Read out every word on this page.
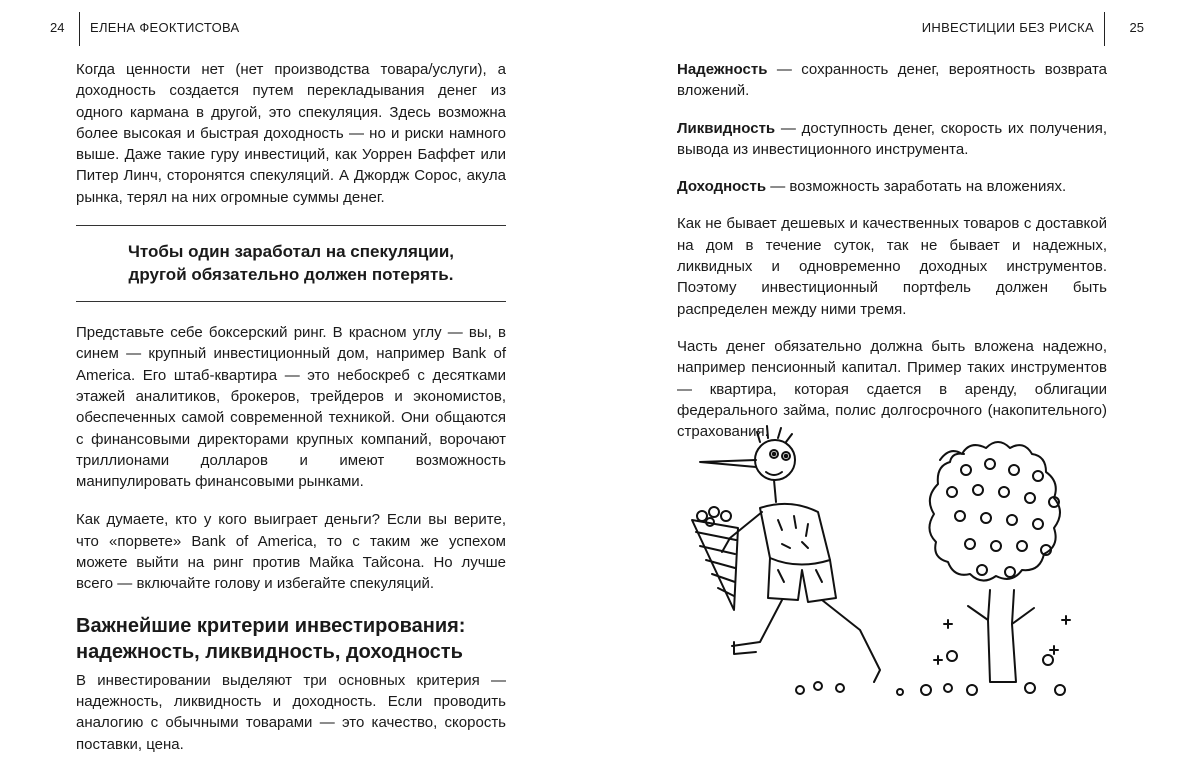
24 ЕЛЕНА ФЕОКТИСТОВА

Когда ценности нет (нет производства товара/услуги), а доходность создается путем перекладывания денег из одного кармана в другой, это спекуляция. Здесь возможна более высокая и быстрая доходность — но и риски намного выше. Даже такие гуру инвестиций, как Уоррен Баффет или Питер Линч, сторонятся спекуляций. А Джордж Сорос, акула рынка, терял на них огромные суммы денег.

Чтобы один заработал на спекуляции,
другой обязательно должен потерять.

Представьте себе боксерский ринг. В красном углу — вы, в синем — крупный инвестиционный дом, например Bank of America. Его штаб-квартира — это небоскреб с десятками этажей аналитиков, брокеров, трейдеров и экономистов, обеспеченных самой современной техникой. Они общаются с финансовыми директорами крупных компаний, ворочают триллионами долларов и имеют возможность манипулировать финансовыми рынками.

Как думаете, кто у кого выиграет деньги? Если вы верите, что «порвете» Bank of America, то с таким же успехом можете выйти на ринг против Майка Тайсона. Но лучше всего — включайте голову и избегайте спекуляций.

Важнейшие критерии инвестирования:
надежность, ликвидность, доходность

В инвестировании выделяют три основных критерия — надежность, ликвидность и доходность. Если проводить аналогию с обычными товарами — это качество, скорость поставки, цена.

ИНВЕСТИЦИИ БЕЗ РИСКА	25

Надежность — сохранность денег, вероятность возврата вложений.

Ликвидность — доступность денег, скорость их получения, вывода из инвестиционного инструмента.

Доходность — возможность заработать на вложениях.

Как не бывает дешевых и качественных товаров с доставкой на дом в течение суток, так не бывает и надежных, ликвидных и одновременно доходных инструментов. Поэтому инвестиционный портфель должен быть распределен между ними тремя.

Часть денег обязательно должна быть вложена надежно, например пенсионный капитал. Пример таких инструментов — квартира, которая сдается в аренду, облигации федерального займа, полис долгосрочного (накопительного) страхования.
